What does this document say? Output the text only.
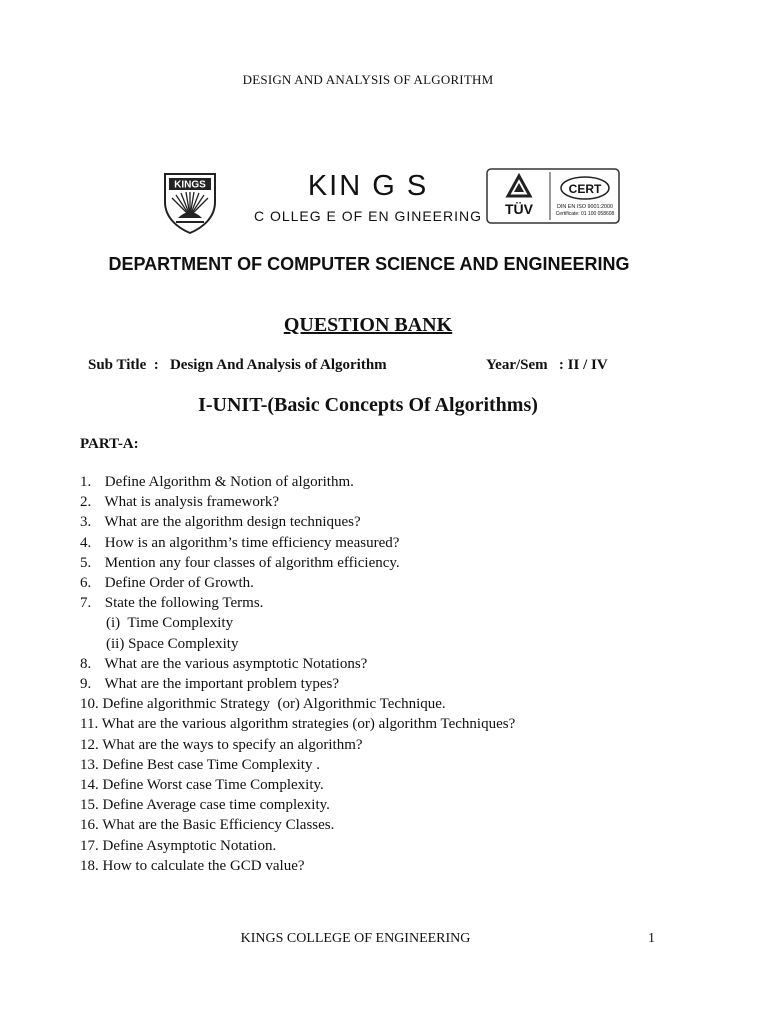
DESIGN AND ANALYSIS OF ALGORITHM
KINGS	KIN G S
C OLLEG E OF EN GINEERING	TÜV
CERT
DIN EN ISO 9001:2000
Certificate: 01 100 058608
DEPARTMENT OF COMPUTER SCIENCE AND ENGINEERING
QUESTION BANK
Sub Title  :   Design And Analysis of Algorithm	Year/Sem   : II / IV
I-UNIT-(Basic Concepts Of Algorithms)
PART-A:
1. Define Algorithm & Notion of algorithm.
2. What is analysis framework?
3. What are the algorithm design techniques?
4. How is an algorithm’s time efficiency measured?
5. Mention any four classes of algorithm efficiency.
6. Define Order of Growth.
7. State the following Terms.
(i)  Time Complexity
(ii) Space Complexity
8. What are the various asymptotic Notations?
9. What are the important problem types?
10. Define algorithmic Strategy  (or) Algorithmic Technique.
11. What are the various algorithm strategies (or) algorithm Techniques?
12. What are the ways to specify an algorithm?
13. Define Best case Time Complexity .
14. Define Worst case Time Complexity.
15. Define Average case time complexity.
16. What are the Basic Efficiency Classes.
17. Define Asymptotic Notation.
18. How to calculate the GCD value?
KINGS COLLEGE OF ENGINEERING	1
